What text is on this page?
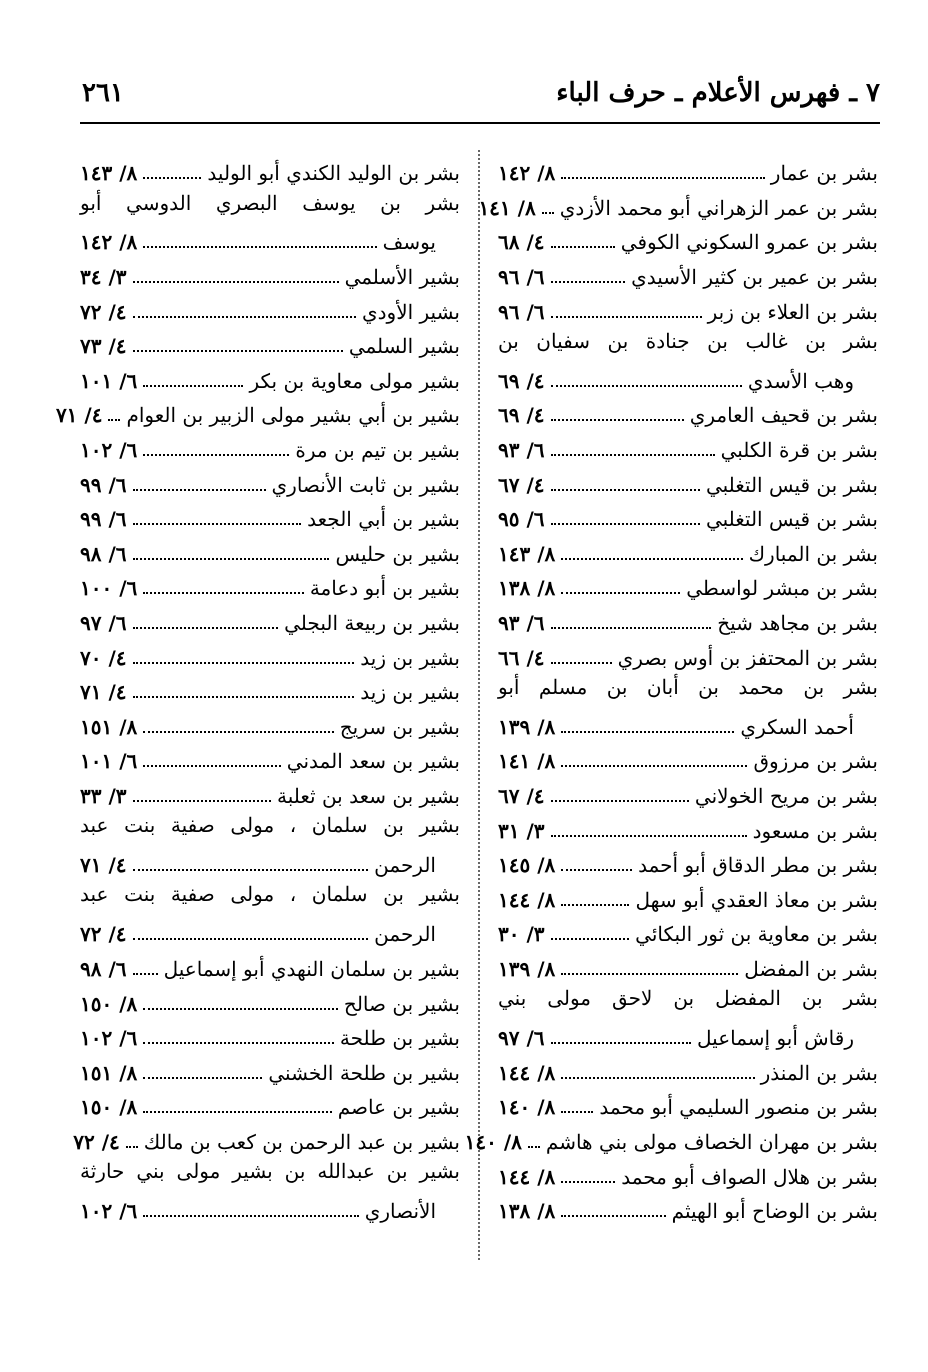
٧ ـ فهرس الأعلام ـ حرف الباء
٢٦١
بشر بن عمار
٨/ ١٤٢
بشر بن عمر الزهراني أبو محمد الأزدي
٨/ ١٤١
بشر بن عمرو السكوني الكوفي
٤/ ٦٨
بشر بن عمير بن كثير الأسيدي
٦/ ٩٦
بشر بن العلاء بن زبر
٦/ ٩٦
بشر بن غالب بن جنادة بن سفيان بن
وهب الأسدي
٤/ ٦٩
بشر بن قحيف العامري
٤/ ٦٩
بشر بن قرة الكلبي
٦/ ٩٣
بشر بن قيس التغلبي
٤/ ٦٧
بشر بن قيس التغلبي
٦/ ٩٥
بشر بن المبارك
٨/ ١٤٣
بشر بن مبشر لواسطي
٨/ ١٣٨
بشر بن مجاهد شيخ
٦/ ٩٣
بشر بن المحتفز بن أوس بصري
٤/ ٦٦
بشر بن محمد بن أبان بن مسلم أبو
أحمد السكري
٨/ ١٣٩
بشر بن مرزوق
٨/ ١٤١
بشر بن مريح الخولاني
٤/ ٦٧
بشر بن مسعود
٣/ ٣١
بشر بن مطر الدقاق أبو أحمد
٨/ ١٤٥
بشر بن معاذ العقدي أبو سهل
٨/ ١٤٤
بشر بن معاوية بن ثور البكائي
٣/ ٣٠
بشر بن المفضل
٨/ ١٣٩
بشر بن المفضل بن لاحق مولى بني
رقاش أبو إسماعيل
٦/ ٩٧
بشر بن المنذر
٨/ ١٤٤
بشر بن منصور السليمي أبو محمد
٨/ ١٤٠
بشر بن مهران الخصاف مولى بني هاشم
٨/ ١٤٠
بشر بن هلال الصواف أبو محمد
٨/ ١٤٤
بشر بن الوضاح أبو الهيثم
٨/ ١٣٨
بشر بن الوليد الكندي أبو الوليد
٨/ ١٤٣
بشر بن يوسف البصري الدوسي أبو
يوسف
٨/ ١٤٢
بشير الأسلمي
٣/ ٣٤
بشير الأودي
٤/ ٧٢
بشير السلمي
٤/ ٧٣
بشير مولى معاوية بن بكر
٦/ ١٠١
بشير بن أبي بشير مولى الزبير بن العوام
٤/ ٧١
بشير بن تيم بن مرة
٦/ ١٠٢
بشير بن ثابت الأنصاري
٦/ ٩٩
بشير بن أبي الجعد
٦/ ٩٩
بشير بن حليس
٦/ ٩٨
بشير بن أبو دعامة
٦/ ١٠٠
بشير بن ربيعة البجلي
٦/ ٩٧
بشير بن زيد
٤/ ٧٠
بشير بن زيد
٤/ ٧١
بشير بن سريج
٨/ ١٥١
بشير بن سعد المدني
٦/ ١٠١
بشير بن سعد بن ثعلبة
٣/ ٣٣
بشير بن سلمان ، مولى صفية بنت عبد
الرحمن
٤/ ٧١
بشير بن سلمان ، مولى صفية بنت عبد
الرحمن
٤/ ٧٢
بشير بن سلمان النهدي أبو إسماعيل
٦/ ٩٨
بشير بن صالح
٨/ ١٥٠
بشير بن طلحة
٦/ ١٠٢
بشير بن طلحة الخشني
٨/ ١٥١
بشير بن عاصم
٨/ ١٥٠
بشير بن عبد الرحمن بن كعب بن مالك
٤/ ٧٢
بشير بن عبدالله بن بشير مولى بني حارثة
الأنصاري
٦/ ١٠٢
